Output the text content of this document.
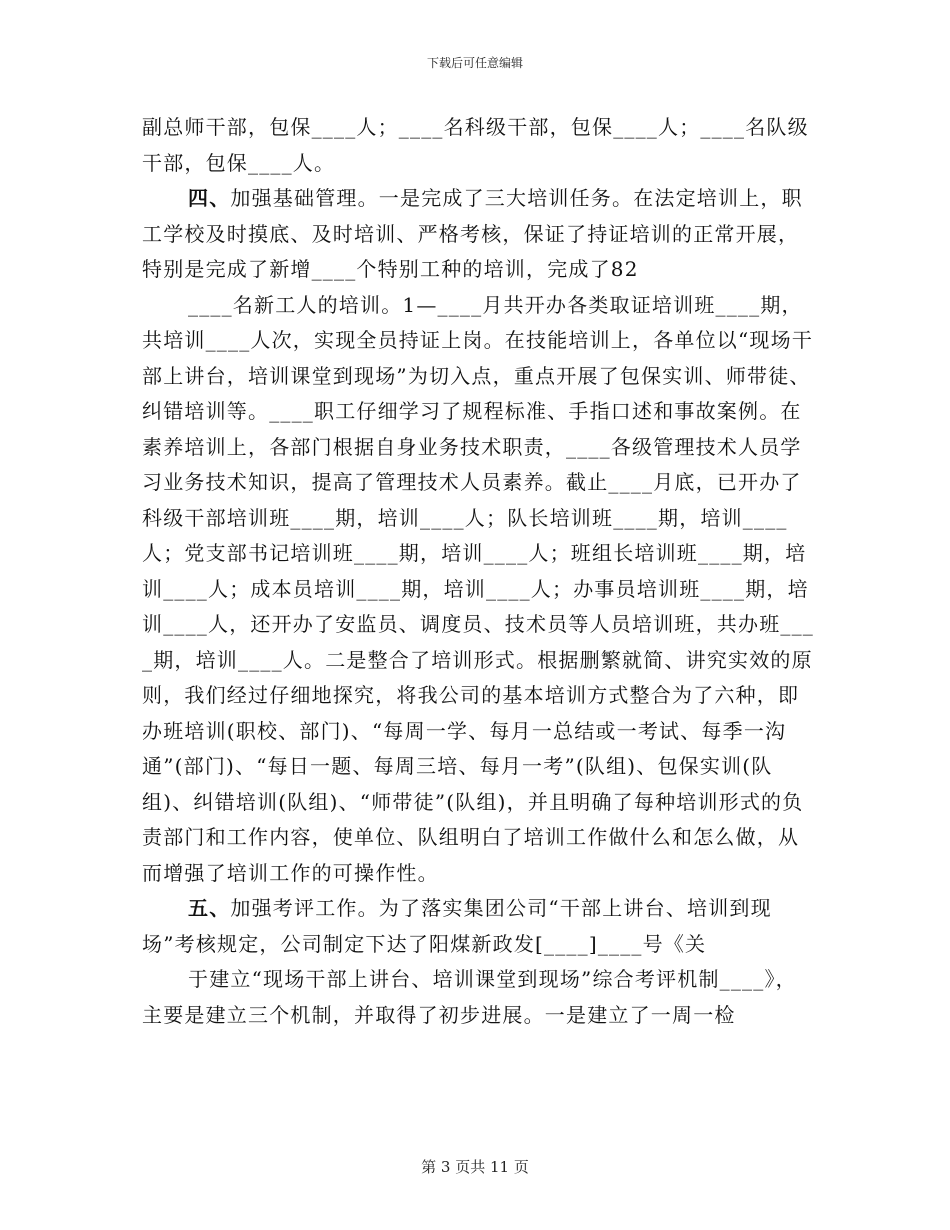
下载后可任意编辑

副总师干部，包保____人；____名科级干部，包保____人；____名队级干部，包保____人。

四、加强基础管理。一是完成了三大培训任务。在法定培训上，职工学校及时摸底、及时培训、严格考核，保证了持证培训的正常开展，特别是完成了新增____个特别工种的培训，完成了82

____名新工人的培训。1—____月共开办各类取证培训班____期，共培训____人次，实现全员持证上岗。在技能培训上，各单位以“现场干部上讲台，培训课堂到现场”为切入点，重点开展了包保实训、师带徒、纠错培训等。____职工仔细学习了规程标准、手指口述和事故案例。在素养培训上，各部门根据自身业务技术职责，____各级管理技术人员学习业务技术知识，提高了管理技术人员素养。截止____月底，已开办了科级干部培训班____期，培训____人；队长培训班____期，培训____人；党支部书记培训班____期，培训____人；班组长培训班____期，培训____人；成本员培训____期，培训____人；办事员培训班____期，培训____人，还开办了安监员、调度员、技术员等人员培训班，共办班____期，培训____人。二是整合了培训形式。根据删繁就简、讲究实效的原则，我们经过仔细地探究，将我公司的基本培训方式整合为了六种，即办班培训(职校、部门)、“每周一学、每月一总结或一考试、每季一沟通”(部门)、“每日一题、每周三培、每月一考”(队组)、包保实训(队组)、纠错培训(队组)、“师带徒”(队组)，并且明确了每种培训形式的负责部门和工作内容，使单位、队组明白了培训工作做什么和怎么做，从而增强了培训工作的可操作性。

五、加强考评工作。为了落实集团公司“干部上讲台、培训到现场”考核规定，公司制定下达了阳煤新政发[____]____号《关

于建立“现场干部上讲台、培训课堂到现场”综合考评机制____》，主要是建立三个机制，并取得了初步进展。一是建立了一周一检

第 3 页共 11 页
